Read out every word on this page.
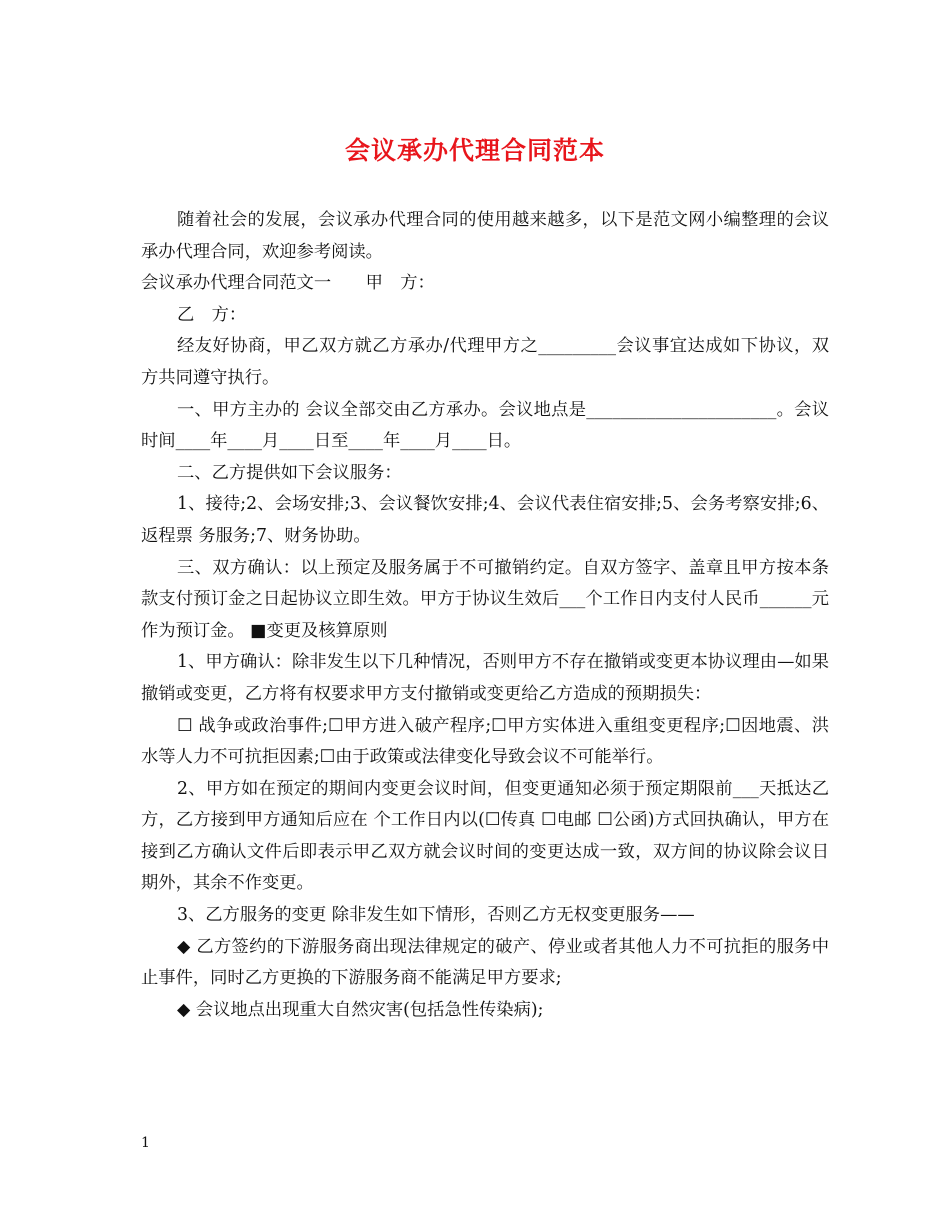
会议承办代理合同范本

随着社会的发展，会议承办代理合同的使用越来越多，以下是范文网小编整理的会议承办代理合同，欢迎参考阅读。

会议承办代理合同范文一　　甲　方：

乙　方：

经友好协商，甲乙双方就乙方承办/代理甲方之_________会议事宜达成如下协议，双方共同遵守执行。

一、甲方主办的 会议全部交由乙方承办。会议地点是______________________。会议时间____年____月____日至____年____月____日。

二、乙方提供如下会议服务：

1、接待;2、会场安排;3、会议餐饮安排;4、会议代表住宿安排;5、会务考察安排;6、返程票 务服务;7、财务协助。

三、双方确认：以上预定及服务属于不可撤销约定。自双方签字、盖章且甲方按本条款支付预订金之日起协议立即生效。甲方于协议生效后___个工作日内支付人民币______元作为预订金。 ■变更及核算原则

1、甲方确认：除非发生以下几种情况，否则甲方不存在撤销或变更本协议理由—如果撤销或变更，乙方将有权要求甲方支付撤销或变更给乙方造成的预期损失：

☐ 战争或政治事件;☐甲方进入破产程序;☐甲方实体进入重组变更程序;☐因地震、洪水等人力不可抗拒因素;☐由于政策或法律变化导致会议不可能举行。

2、甲方如在预定的期间内变更会议时间，但变更通知必须于预定期限前___天抵达乙方，乙方接到甲方通知后应在 个工作日内以(☐传真 ☐电邮 ☐公函)方式回执确认，甲方在接到乙方确认文件后即表示甲乙双方就会议时间的变更达成一致，双方间的协议除会议日期外，其余不作变更。

3、乙方服务的变更 除非发生如下情形，否则乙方无权变更服务——

◆ 乙方签约的下游服务商出现法律规定的破产、停业或者其他人力不可抗拒的服务中止事件，同时乙方更换的下游服务商不能满足甲方要求;

◆ 会议地点出现重大自然灾害(包括急性传染病);

1
